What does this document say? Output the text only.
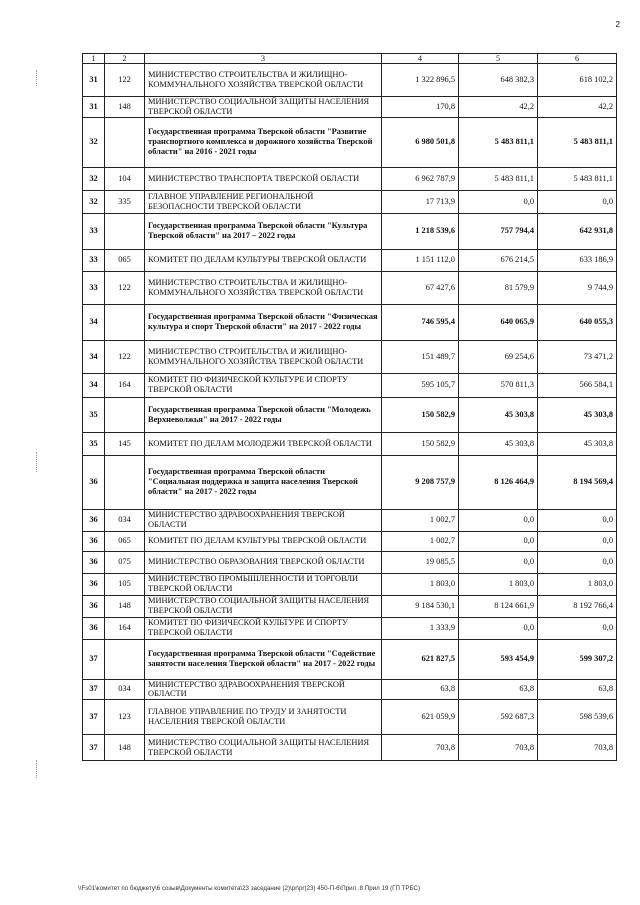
2
1	2	3	4	5	6
31	122	МИНИСТЕРСТВО СТРОИТЕЛЬСТВА И ЖИЛИЩНО-КОММУНАЛЬНОГО ХОЗЯЙСТВА ТВЕРСКОЙ ОБЛАСТИ	1 322 896,5	648 382,3	618 102,2
31	148	МИНИСТЕРСТВО СОЦИАЛЬНОЙ ЗАЩИТЫ НАСЕЛЕНИЯ ТВЕРСКОЙ ОБЛАСТИ	170,8	42,2	42,2
32		Государственная программа Тверской области "Развитие транспортного комплекса и дорожного хозяйства Тверской области" на 2016 - 2021 годы	6 980 501,8	5 483 811,1	5 483 811,1
32	104	МИНИСТЕРСТВО ТРАНСПОРТА ТВЕРСКОЙ ОБЛАСТИ	6 962 787,9	5 483 811,1	5 483 811,1
32	335	ГЛАВНОЕ УПРАВЛЕНИЕ РЕГИОНАЛЬНОЙ БЕЗОПАСНОСТИ ТВЕРСКОЙ ОБЛАСТИ	17 713,9	0,0	0,0
33		Государственная программа Тверской области "Культура Тверской области" на 2017 – 2022 годы	1 218 539,6	757 794,4	642 931,8
33	065	КОМИТЕТ ПО ДЕЛАМ КУЛЬТУРЫ ТВЕРСКОЙ ОБЛАСТИ	1 151 112,0	676 214,5	633 186,9
33	122	МИНИСТЕРСТВО СТРОИТЕЛЬСТВА И ЖИЛИЩНО-КОММУНАЛЬНОГО ХОЗЯЙСТВА ТВЕРСКОЙ ОБЛАСТИ	67 427,6	81 579,9	9 744,9
34		Государственная программа Тверской области "Физическая культура и спорт Тверской области" на 2017 - 2022 годы	746 595,4	640 065,9	640 055,3
34	122	МИНИСТЕРСТВО СТРОИТЕЛЬСТВА И ЖИЛИЩНО-КОММУНАЛЬНОГО ХОЗЯЙСТВА ТВЕРСКОЙ ОБЛАСТИ	151 489,7	69 254,6	73 471,2
34	164	КОМИТЕТ ПО ФИЗИЧЕСКОЙ КУЛЬТУРЕ И СПОРТУ ТВЕРСКОЙ ОБЛАСТИ	595 105,7	570 811,3	566 584,1
35		Государственная программа Тверской области "Молодежь Верхневолжья" на 2017 - 2022 годы	150 582,9	45 303,8	45 303,8
35	145	КОМИТЕТ ПО ДЕЛАМ МОЛОДЕЖИ ТВЕРСКОЙ ОБЛАСТИ	150 582,9	45 303,8	45 303,8
36		Государственная программа Тверской области "Социальная поддержка и защита населения Тверской области" на 2017 - 2022 годы	9 208 757,9	8 126 464,9	8 194 569,4
36	034	МИНИСТЕРСТВО ЗДРАВООХРАНЕНИЯ ТВЕРСКОЙ ОБЛАСТИ	1 002,7	0,0	0,0
36	065	КОМИТЕТ ПО ДЕЛАМ КУЛЬТУРЫ ТВЕРСКОЙ ОБЛАСТИ	1 002,7	0,0	0,0
36	075	МИНИСТЕРСТВО ОБРАЗОВАНИЯ ТВЕРСКОЙ ОБЛАСТИ	19 085,5	0,0	0,0
36	105	МИНИСТЕРСТВО ПРОМЫШЛЕННОСТИ И ТОРГОВЛИ ТВЕРСКОЙ ОБЛАСТИ	1 803,0	1 803,0	1 803,0
36	148	МИНИСТЕРСТВО СОЦИАЛЬНОЙ ЗАЩИТЫ НАСЕЛЕНИЯ ТВЕРСКОЙ ОБЛАСТИ	9 184 530,1	8 124 661,9	8 192 766,4
36	164	КОМИТЕТ ПО ФИЗИЧЕСКОЙ КУЛЬТУРЕ И СПОРТУ ТВЕРСКОЙ ОБЛАСТИ	1 333,9	0,0	0,0
37		Государственная программа Тверской области "Содействие занятости населения Тверской области" на 2017 - 2022 годы	621 827,5	593 454,9	599 307,2
37	034	МИНИСТЕРСТВО ЗДРАВООХРАНЕНИЯ ТВЕРСКОЙ ОБЛАСТИ	63,8	63,8	63,8
37	123	ГЛАВНОЕ УПРАВЛЕНИЕ ПО ТРУДУ И ЗАНЯТОСТИ НАСЕЛЕНИЯ ТВЕРСКОЙ ОБЛАСТИ	621 059,9	592 687,3	598 539,6
37	148	МИНИСТЕРСТВО СОЦИАЛЬНОЙ ЗАЩИТЫ НАСЕЛЕНИЯ ТВЕРСКОЙ ОБЛАСТИ	703,8	703,8	703,8
\\Fs01\комитет по бюджету\6 созыв\Документы комитета\23 заседание (2)\pr\pr(23) 450-П-6\Прил .8 Прил 19 (ГП ТРБС)
